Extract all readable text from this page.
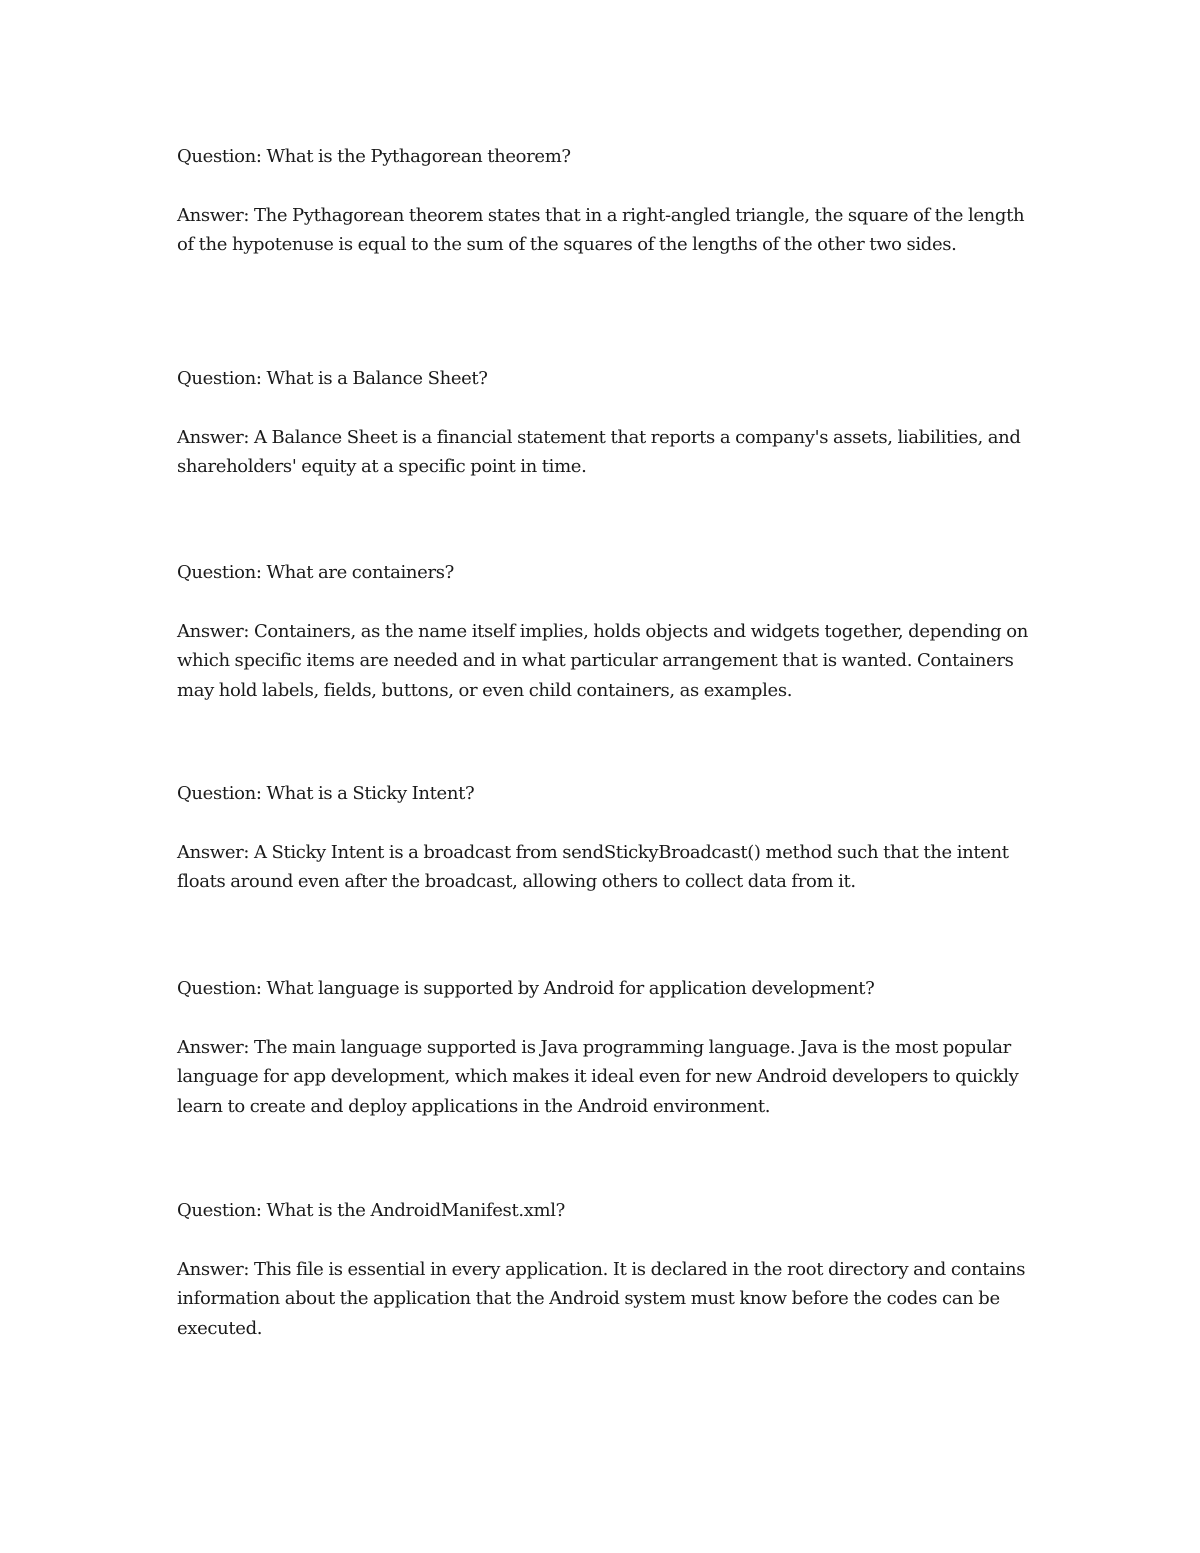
Question: What is the Pythagorean theorem?

Answer: The Pythagorean theorem states that in a right-angled triangle, the square of the length of the hypotenuse is equal to the sum of the squares of the lengths of the other two sides.

Question: What is a Balance Sheet?

Answer: A Balance Sheet is a financial statement that reports a company's assets, liabilities, and shareholders' equity at a specific point in time.

Question: What are containers?

Answer: Containers, as the name itself implies, holds objects and widgets together, depending on which specific items are needed and in what particular arrangement that is wanted. Containers may hold labels, fields, buttons, or even child containers, as examples.

Question: What is a Sticky Intent?

Answer: A Sticky Intent is a broadcast from sendStickyBroadcast() method such that the intent floats around even after the broadcast, allowing others to collect data from it.

Question: What language is supported by Android for application development?

Answer: The main language supported is Java programming language. Java is the most popular language for app development, which makes it ideal even for new Android developers to quickly learn to create and deploy applications in the Android environment.

Question: What is the AndroidManifest.xml?

Answer: This file is essential in every application. It is declared in the root directory and contains information about the application that the Android system must know before the codes can be executed.
